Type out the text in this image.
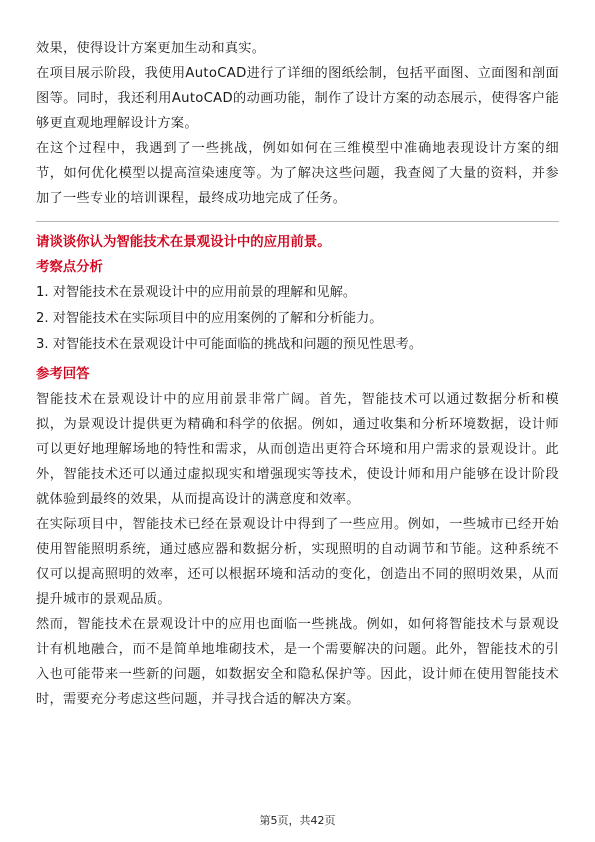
效果，使得设计方案更加生动和真实。

在项目展示阶段，我使用AutoCAD进行了详细的图纸绘制，包括平面图、立面图和剖面图等。同时，我还利用AutoCAD的动画功能，制作了设计方案的动态展示，使得客户能够更直观地理解设计方案。

在这个过程中，我遇到了一些挑战，例如如何在三维模型中准确地表现设计方案的细节，如何优化模型以提高渲染速度等。为了解决这些问题，我查阅了大量的资料，并参加了一些专业的培训课程，最终成功地完成了任务。

请谈谈你认为智能技术在景观设计中的应用前景。

考察点分析

1. 对智能技术在景观设计中的应用前景的理解和见解。

2. 对智能技术在实际项目中的应用案例的了解和分析能力。

3. 对智能技术在景观设计中可能面临的挑战和问题的预见性思考。

参考回答

智能技术在景观设计中的应用前景非常广阔。首先，智能技术可以通过数据分析和模拟，为景观设计提供更为精确和科学的依据。例如，通过收集和分析环境数据，设计师可以更好地理解场地的特性和需求，从而创造出更符合环境和用户需求的景观设计。此外，智能技术还可以通过虚拟现实和增强现实等技术，使设计师和用户能够在设计阶段就体验到最终的效果，从而提高设计的满意度和效率。

在实际项目中，智能技术已经在景观设计中得到了一些应用。例如，一些城市已经开始使用智能照明系统，通过感应器和数据分析，实现照明的自动调节和节能。这种系统不仅可以提高照明的效率，还可以根据环境和活动的变化，创造出不同的照明效果，从而提升城市的景观品质。

然而，智能技术在景观设计中的应用也面临一些挑战。例如，如何将智能技术与景观设计有机地融合，而不是简单地堆砌技术，是一个需要解决的问题。此外，智能技术的引入也可能带来一些新的问题，如数据安全和隐私保护等。因此，设计师在使用智能技术时，需要充分考虑这些问题，并寻找合适的解决方案。

第5页，共42页
